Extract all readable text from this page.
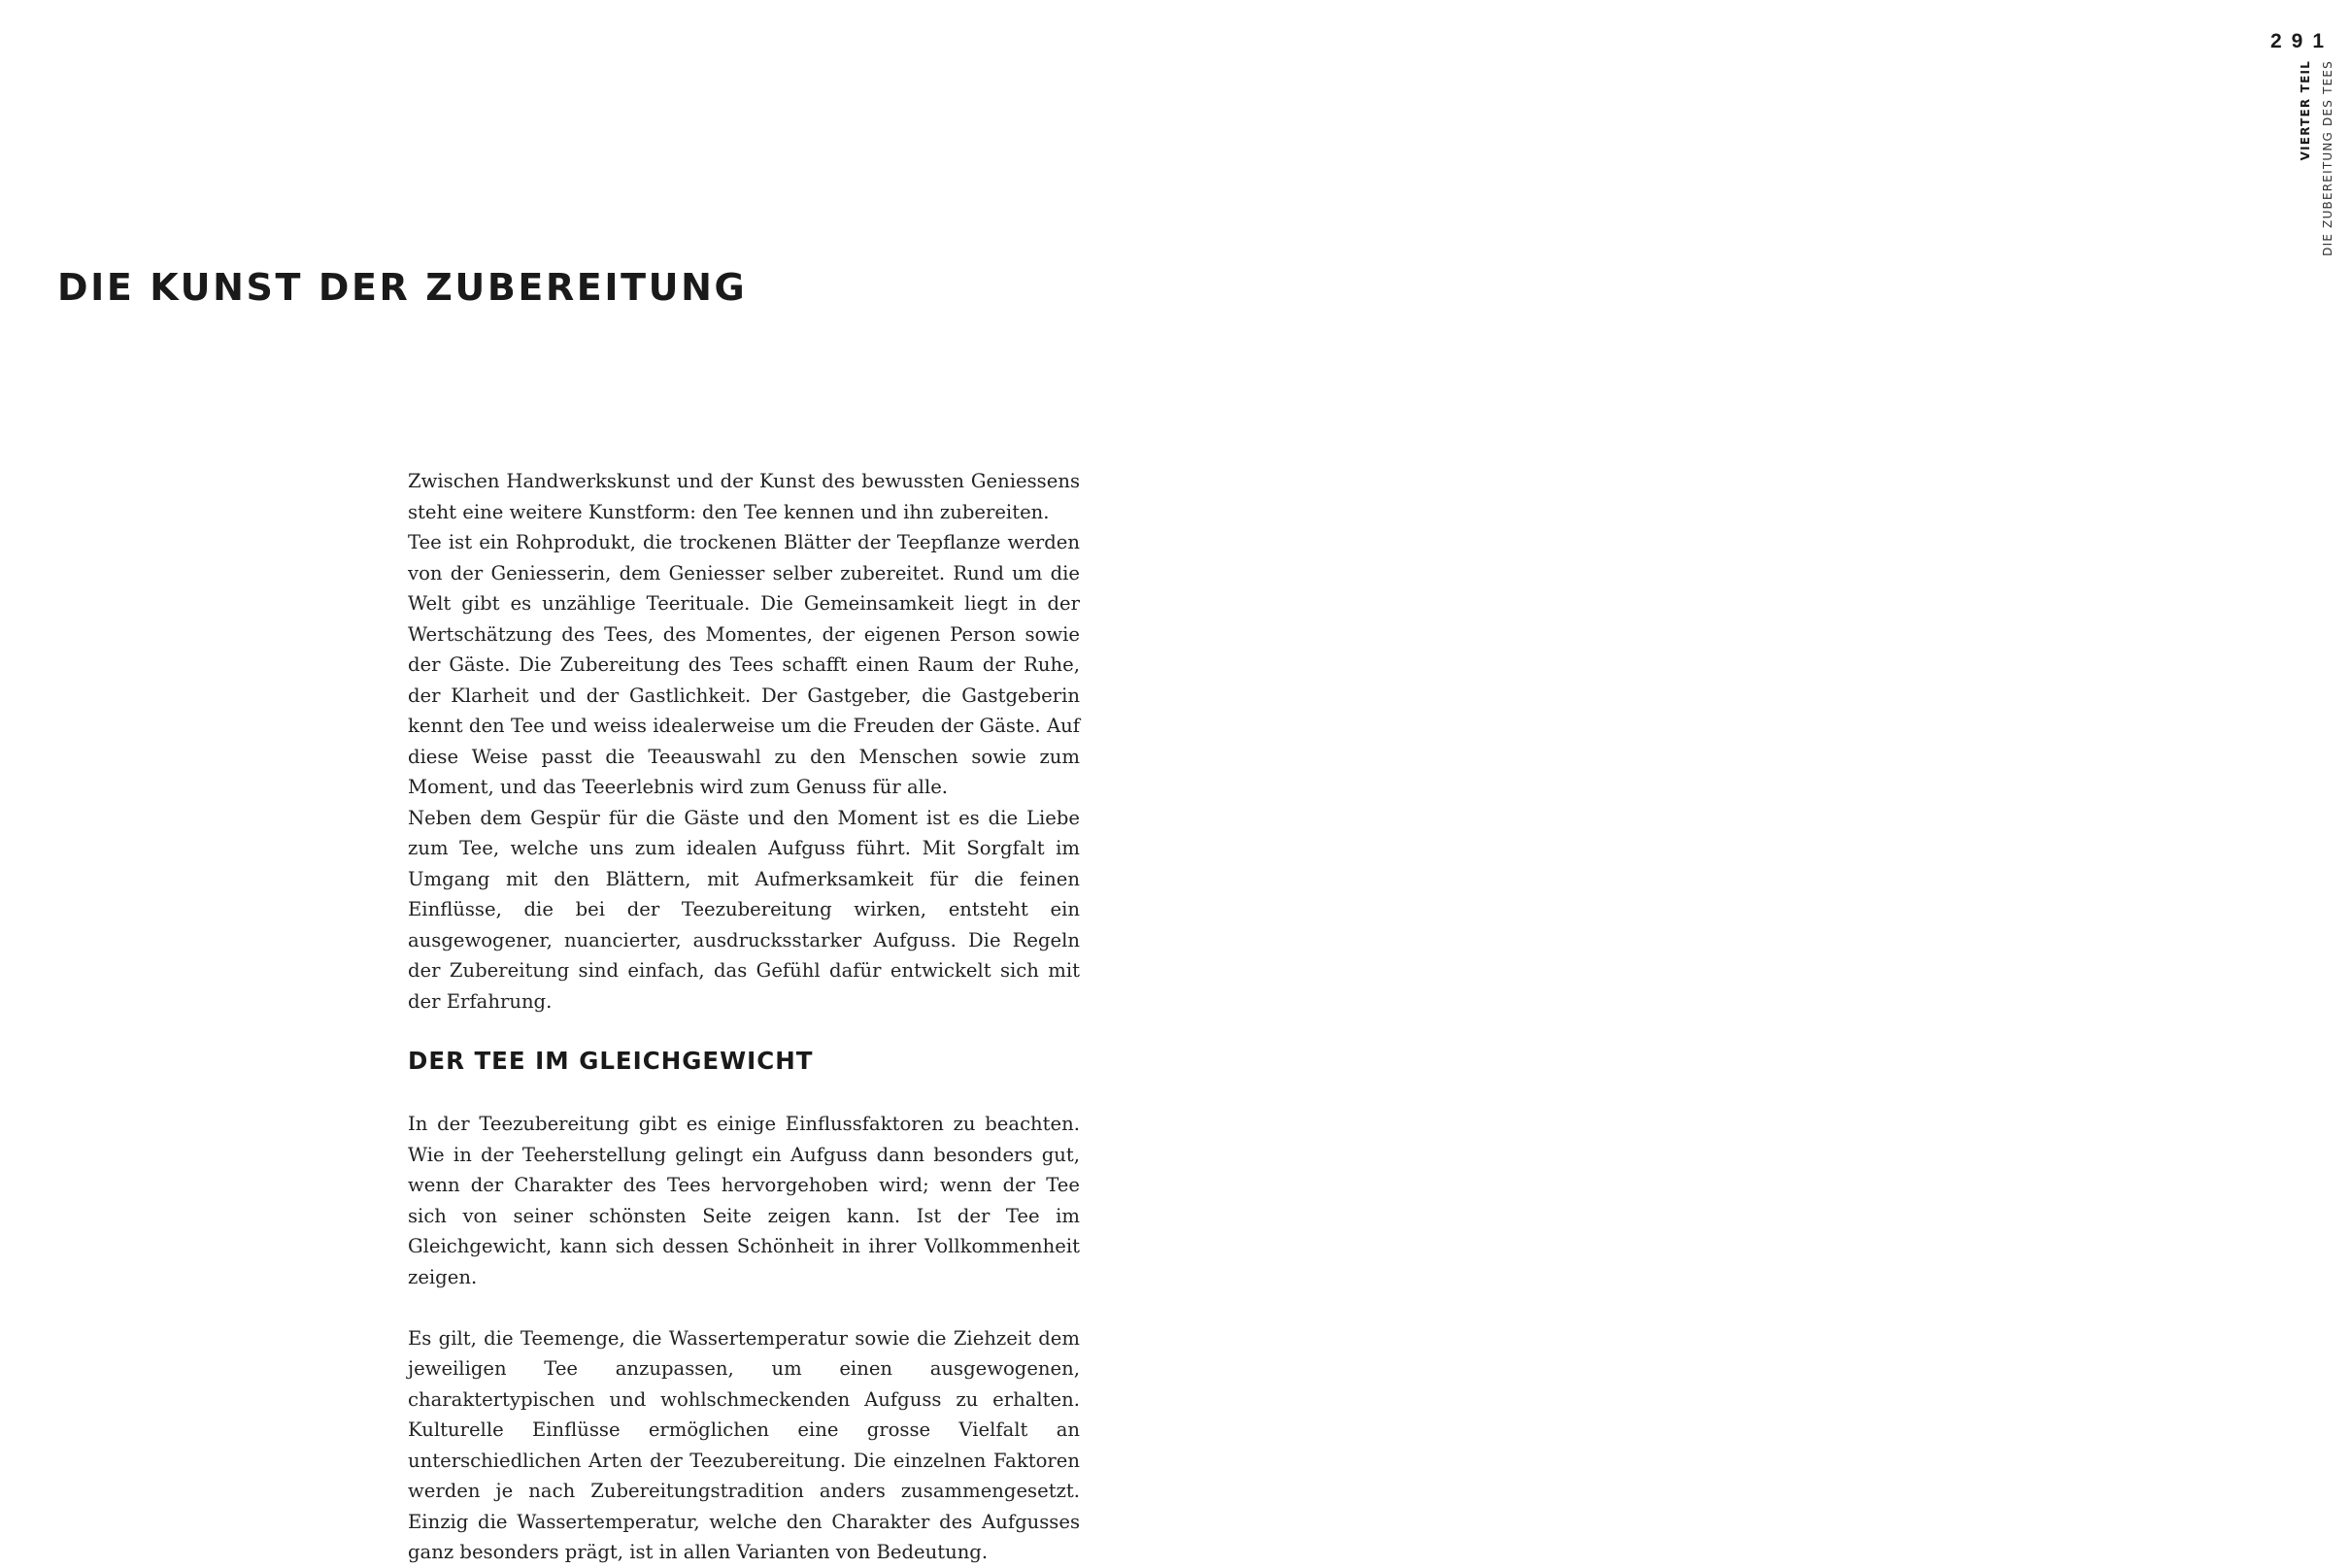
291
VIERTER TEIL DIE ZUBEREITUNG DES TEES
DIE KUNST DER ZUBEREITUNG

Zwischen Handwerkskunst und der Kunst des bewussten Geniessens steht eine weitere Kunstform: den Tee kennen und ihn zubereiten.

Tee ist ein Rohprodukt, die trockenen Blätter der Teepflanze werden von der Geniesserin, dem Geniesser selber zubereitet. Rund um die Welt gibt es unzählige Teerituale. Die Gemeinsamkeit liegt in der Wertschätzung des Tees, des Momentes, der eigenen Person sowie der Gäste. Die Zubereitung des Tees schafft einen Raum der Ruhe, der Klarheit und der Gastlichkeit. Der Gastgeber, die Gastgeberin kennt den Tee und weiss idealerweise um die Freuden der Gäste. Auf diese Weise passt die Teeauswahl zu den Menschen sowie zum Moment, und das Teeerlebnis wird zum Genuss für alle.

Neben dem Gespür für die Gäste und den Moment ist es die Liebe zum Tee, welche uns zum idealen Aufguss führt. Mit Sorgfalt im Umgang mit den Blättern, mit Aufmerksamkeit für die feinen Einflüsse, die bei der Teezubereitung wirken, entsteht ein ausgewogener, nuancierter, ausdrucksstarker Aufguss. Die Regeln der Zubereitung sind einfach, das Gefühl dafür entwickelt sich mit der Erfahrung.

DER TEE IM GLEICHGEWICHT

In der Teezubereitung gibt es einige Einflussfaktoren zu beachten. Wie in der Teeherstellung gelingt ein Aufguss dann besonders gut, wenn der Charakter des Tees hervorgehoben wird; wenn der Tee sich von seiner schönsten Seite zeigen kann. Ist der Tee im Gleichgewicht, kann sich dessen Schönheit in ihrer Vollkommenheit zeigen.

Es gilt, die Teemenge, die Wassertemperatur sowie die Ziehzeit dem jeweiligen Tee anzupassen, um einen ausgewogenen, charaktertypischen und wohlschmeckenden Aufguss zu erhalten. Kulturelle Einflüsse ermöglichen eine grosse Vielfalt an unterschiedlichen Arten der Teezubereitung. Die einzelnen Faktoren werden je nach Zubereitungstradition anders zusammengesetzt. Einzig die Wassertemperatur, welche den Charakter des Aufgusses ganz besonders prägt, ist in allen Varianten von Bedeutung.
